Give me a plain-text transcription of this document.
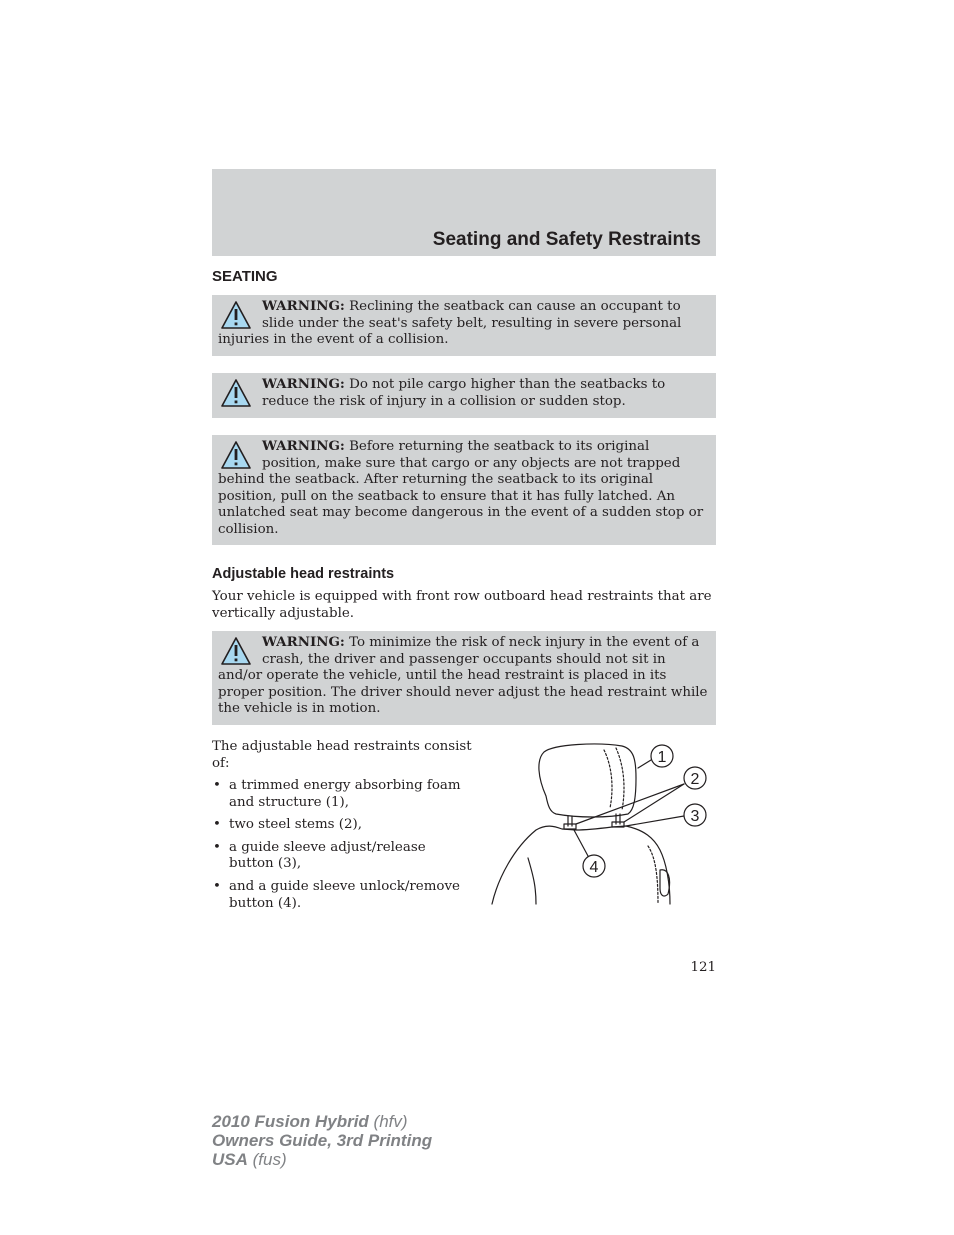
Seating and Safety Restraints
SEATING
WARNING: Reclining the seatback can cause an occupant to slide under the seat's safety belt, resulting in severe personal injuries in the event of a collision.
WARNING: Do not pile cargo higher than the seatbacks to reduce the risk of injury in a collision or sudden stop.
WARNING: Before returning the seatback to its original position, make sure that cargo or any objects are not trapped behind the seatback. After returning the seatback to its original position, pull on the seatback to ensure that it has fully latched. An unlatched seat may become dangerous in the event of a sudden stop or collision.
Adjustable head restraints
Your vehicle is equipped with front row outboard head restraints that are vertically adjustable.
WARNING: To minimize the risk of neck injury in the event of a crash, the driver and passenger occupants should not sit in and/or operate the vehicle, until the head restraint is placed in its proper position. The driver should never adjust the head restraint while the vehicle is in motion.
The adjustable head restraints consist of:
• a trimmed energy absorbing foam and structure (1),
• two steel stems (2),
• a guide sleeve adjust/release button (3),
• and a guide sleeve unlock/remove button (4).
1
2
3
4
121
2010 Fusion Hybrid (hfv)
Owners Guide, 3rd Printing
USA (fus)
